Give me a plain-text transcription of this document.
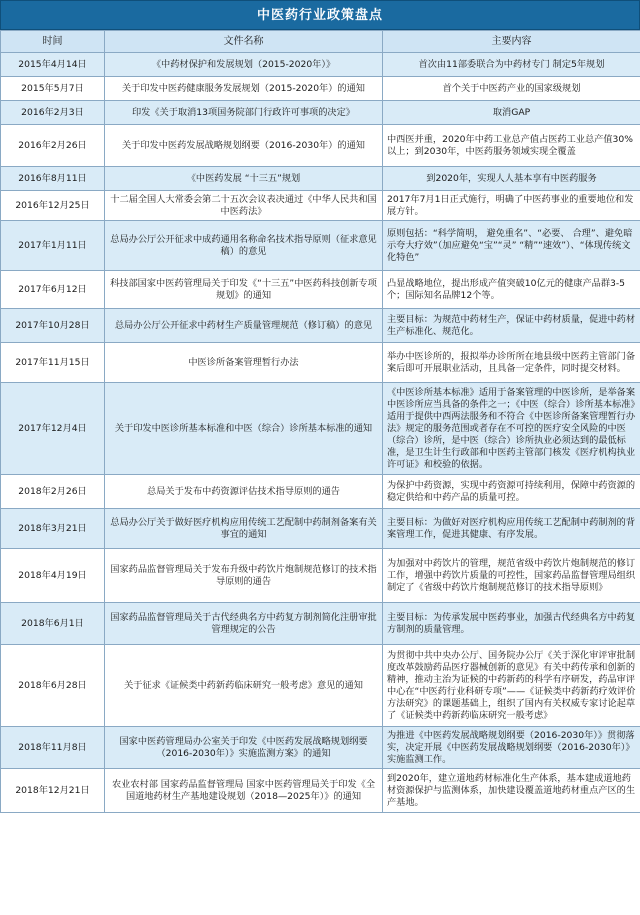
中医药行业政策盘点
时间	文件名称	主要内容
2015年4月14日	《中药材保护和发展规划（2015-2020年）》	首次由11部委联合为中药材专门 制定5年规划
2015年5月7日	关于印发中医药健康服务发展规划（2015-2020年）的通知	首个关于中医药产业的国家级规划
2016年2月3日	印发《关于取消13项国务院部门行政许可事项的决定》	取消GAP
2016年2月26日	关于印发中医药发展战略规划纲要（2016-2030年）的通知	中西医并重，2020年中药工业总产值占医药工业总产值30%以上；到2030年，中医药服务领域实现全覆盖
2016年8月11日	《中医药发展 “十三五”规划	到2020年，实现人人基本享有中医药服务
2016年12月25日	十二届全国人大常委会第二十五次会议表决通过《中华人民共和国中医药法》	2017年7月1日正式施行，明确了中医药事业的重要地位和发展方针。
2017年1月11日	总局办公厅公开征求中成药通用名称命名技术指导原则（征求意见稿）的意见	原则包括：“科学简明， 避免重名”、“必要、 合理”、避免暗示夸大疗效”（加应避免“宝”“灵” “精”“速效”）、“体现传统文化特色”
2017年6月12日	科技部国家中医药管理局关于印发《“十三五”中医药科技创新专项规划》的通知	凸显战略地位，提出形成产值突破10亿元的健康产品群3-5个；国际知名品牌12个等。
2017年10月28日	总局办公厅公开征求中药材生产质量管理规范（修订稿）的意见	主要目标：为规范中药材生产，保证中药材质量，促进中药材生产标准化、规范化。
2017年11月15日	中医诊所备案管理暂行办法	举办中医诊所的，报拟举办诊所所在地县级中医药主管部门备案后即可开展职业活动，且具备一定条件，同时提交材料。
2017年12月4日	关于印发中医诊所基本标准和中医（综合）诊所基本标准的通知	《中医诊所基本标准》适用于备案管理的中医诊所，是举备案中医诊所应当具备的条件之一；《中医（综合）诊所基本标准》适用于提供中西两法服务和不符合《中医诊所备案管理暂行办法》规定的服务范围或者存在不可控的医疗安全风险的中医（综合）诊所，是中医（综合）诊所执业必须达到的最低标准，是卫生计生行政部和中医药主管部门核发《医疗机构执业许可证》和校验的依据。
2018年2月26日	总局关于发布中药资源评估技术指导原则的通告	为保护中药资源，实现中药资源可持续利用，保障中药资源的稳定供给和中药产品的质量可控。
2018年3月21日	总局办公厅关于做好医疗机构应用传统工艺配制中药制剂备案有关事宜的通知	主要目标：为做好对医疗机构应用传统工艺配制中药制剂的背案管理工作，促进其健康、有序发展。
2018年4月19日	国家药品监督管理局关于发布升级中药饮片炮制规范修订的技术指导原则的通告	为加强对中药饮片的管理，规范省级中药饮片炮制规范的修订工作，增强中药饮片质量的可控性，国家药品监督管理局组织制定了《省级中药饮片炮制规范修订的技术指导原则》
2018年6月1日	国家药品监督管理局关于古代经典名方中药复方制剂简化注册审批管理规定的公告	主要目标：为传承发展中医药事业，加强古代经典名方中药复方制剂的质量管理。
2018年6月28日	关于征求《证候类中药新药临床研究一般考虑》意见的通知	为贯彻中共中央办公厅、国务院办公厅《关于深化审评审批制度改革鼓励药品医疗器械创新的意见》有关中药传承和创新的精神，推动主治为证候的中药新药的科学有序研发，药品审评中心在“中医药行业科研专项”——《证候类中药新药疗效评价方法研究》的课题基础上，组织了国内有关权威专家讨论起草了《证候类中药新药临床研究一般考虑》
2018年11月8日	国家中医药管理局办公室关于印发《中医药发展战略规划纲要（2016-2030年）》实施监测方案》的通知	为推进《中医药发展战略规划纲要（2016-2030年）》贯彻落实，决定开展《中医药发展战略规划纲要（2016-2030年）》实施监测工作。
2018年12月21日	农业农村部 国家药品监督管理局 国家中医药管理局关于印发《全国道地药材生产基地建设规划（2018—2025年）》的通知	到2020年，建立道地药材标准化生产体系，基本建成道地药材资源保护与监测体系，加快建设覆盖道地药材重点产区的生产基地。
